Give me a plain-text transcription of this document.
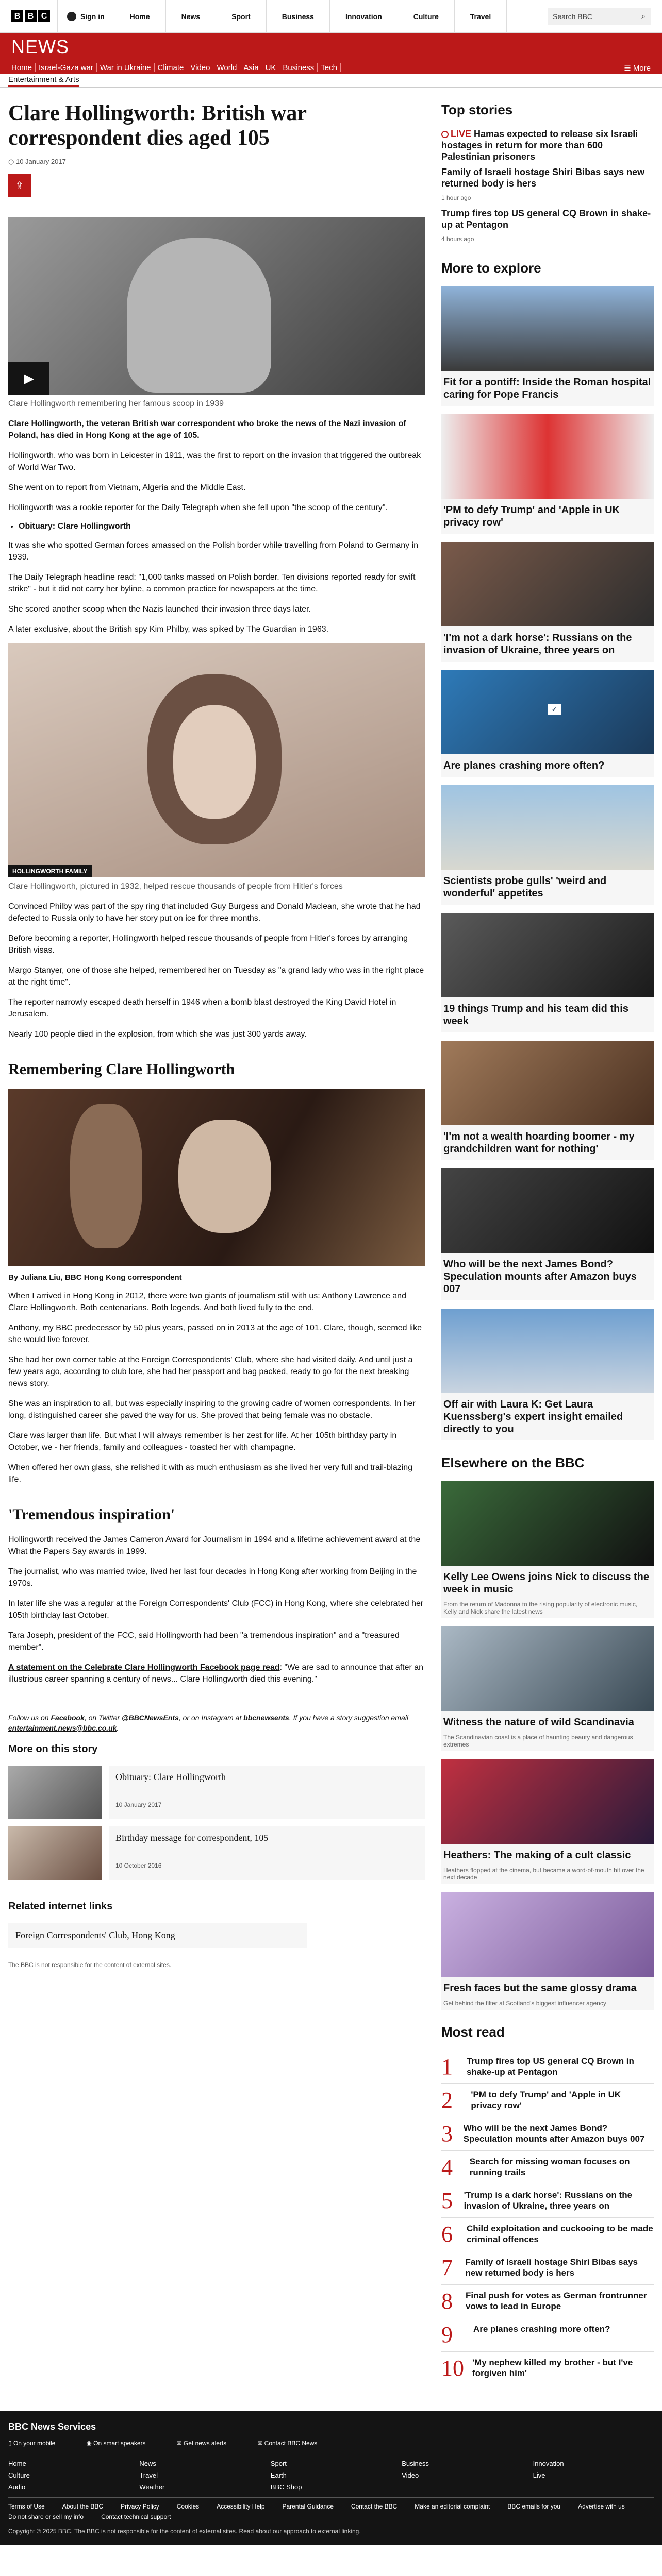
B B C	Sign in	Home	News	Sport	Business	Innovation	Culture	Travel	Search BBC	⌕
NEWS
Home Israel-Gaza war War in Ukraine Climate Video World Asia UK Business Tech	☰ More
Entertainment & Arts
Clare Hollingworth: British war correspondent dies aged 105
◷ 10 January 2017
⇪
▶

Clare Hollingworth remembering her famous scoop in 1939

Clare Hollingworth, the veteran British war correspondent who broke the news of the Nazi invasion of Poland, has died in Hong Kong at the age of 105.

Hollingworth, who was born in Leicester in 1911, was the first to report on the invasion that triggered the outbreak of World War Two.

She went on to report from Vietnam, Algeria and the Middle East.

Hollingworth was a rookie reporter for the Daily Telegraph when she fell upon "the scoop of the century".

• Obituary: Clare Hollingworth

It was she who spotted German forces amassed on the Polish border while travelling from Poland to Germany in 1939.

The Daily Telegraph headline read: "1,000 tanks massed on Polish border. Ten divisions reported ready for swift strike" - but it did not carry her byline, a common practice for newspapers at the time.

She scored another scoop when the Nazis launched their invasion three days later.

A later exclusive, about the British spy Kim Philby, was spiked by The Guardian in 1963.

HOLLINGWORTH FAMILY

Clare Hollingworth, pictured in 1932, helped rescue thousands of people from Hitler's forces

Convinced Philby was part of the spy ring that included Guy Burgess and Donald Maclean, she wrote that he had defected to Russia only to have her story put on ice for three months.

Before becoming a reporter, Hollingworth helped rescue thousands of people from Hitler's forces by arranging British visas.

Margo Stanyer, one of those she helped, remembered her on Tuesday as "a grand lady who was in the right place at the right time".

The reporter narrowly escaped death herself in 1946 when a bomb blast destroyed the King David Hotel in Jerusalem.

Nearly 100 people died in the explosion, from which she was just 300 yards away.

Remembering Clare Hollingworth
By Juliana Liu, BBC Hong Kong correspondent

When I arrived in Hong Kong in 2012, there were two giants of journalism still with us: Anthony Lawrence and Clare Hollingworth. Both centenarians. Both legends. And both lived fully to the end.

Anthony, my BBC predecessor by 50 plus years, passed on in 2013 at the age of 101. Clare, though, seemed like she would live forever.

She had her own corner table at the Foreign Correspondents' Club, where she had visited daily. And until just a few years ago, according to club lore, she had her passport and bag packed, ready to go for the next breaking news story.

She was an inspiration to all, but was especially inspiring to the growing cadre of women correspondents. In her long, distinguished career she paved the way for us. She proved that being female was no obstacle.

Clare was larger than life. But what I will always remember is her zest for life. At her 105th birthday party in October, we - her friends, family and colleagues - toasted her with champagne.

When offered her own glass, she relished it with as much enthusiasm as she lived her very full and trail-blazing life.

'Tremendous inspiration'

Hollingworth received the James Cameron Award for Journalism in 1994 and a lifetime achievement award at the What the Papers Say awards in 1999.

The journalist, who was married twice, lived her last four decades in Hong Kong after working from Beijing in the 1970s.

In later life she was a regular at the Foreign Correspondents' Club (FCC) in Hong Kong, where she celebrated her 105th birthday last October.

Tara Joseph, president of the FCC, said Hollingworth had been "a tremendous inspiration" and a "treasured member".

A statement on the Celebrate Clare Hollingworth Facebook page read: "We are sad to announce that after an illustrious career spanning a century of news... Clare Hollingworth died this evening."

Follow us on Facebook, on Twitter @BBCNewsEnts, or on Instagram at bbcnewsents. If you have a story suggestion email entertainment.news@bbc.co.uk.
More on this story
Obituary: Clare Hollingworth
10 January 2017
Birthday message for correspondent, 105
10 October 2016
Related internet links
Foreign Correspondents' Club, Hong Kong
The BBC is not responsible for the content of external sites.
Top stories
LIVE Hamas expected to release six Israeli hostages in return for more than 600 Palestinian prisoners
Family of Israeli hostage Shiri Bibas says new returned body is hers
1 hour ago
Trump fires top US general CQ Brown in shake-up at Pentagon
4 hours ago
More to explore
Fit for a pontiff: Inside the Roman hospital caring for Pope Francis
'PM to defy Trump' and 'Apple in UK privacy row'
'I'm not a dark horse': Russians on the invasion of Ukraine, three years on
✓
Are planes crashing more often?
Scientists probe gulls' 'weird and wonderful' appetites
19 things Trump and his team did this week
'I'm not a wealth hoarding boomer - my grandchildren want for nothing'
Who will be the next James Bond? Speculation mounts after Amazon buys 007
Off air with Laura K: Get Laura Kuenssberg's expert insight emailed directly to you
Elsewhere on the BBC
Kelly Lee Owens joins Nick to discuss the week in music
From the return of Madonna to the rising popularity of electronic music, Kelly and Nick share the latest news
Witness the nature of wild Scandinavia
The Scandinavian coast is a place of haunting beauty and dangerous extremes
Heathers: The making of a cult classic
Heathers flopped at the cinema, but became a word-of-mouth hit over the next decade
Fresh faces but the same glossy drama
Get behind the filter at Scotland's biggest influencer agency
Most read
1	Trump fires top US general CQ Brown in shake-up at Pentagon
2	'PM to defy Trump' and 'Apple in UK privacy row'
3 Who will be the next James Bond? Speculation mounts after Amazon buys 007
4	Search for missing woman focuses on running trails
5	'Trump is a dark horse': Russians on the invasion of Ukraine, three years on
6	Child exploitation and cuckooing to be made criminal offences
7	Family of Israeli hostage Shiri Bibas says new returned body is hers
8	Final push for votes as German frontrunner vows to lead in Europe
9	Are planes crashing more often?
10 'My nephew killed my brother - but I've forgiven him'
BBC News Services
▯ On your mobile	◉ On smart speakers	✉ Get news alerts	✉ Contact BBC News
Home	News	Sport	Business	Innovation
Culture	Travel	Earth	Video	Live
Audio	Weather	BBC Shop
Terms of Use	About the BBC	Privacy Policy	Cookies	Accessibility Help	Parental Guidance	Contact the BBC	Make an editorial complaint	BBC emails for you	Advertise with us
Do not share or sell my info	Contact technical support
Copyright © 2025 BBC. The BBC is not responsible for the content of external sites. Read about our approach to external linking.
